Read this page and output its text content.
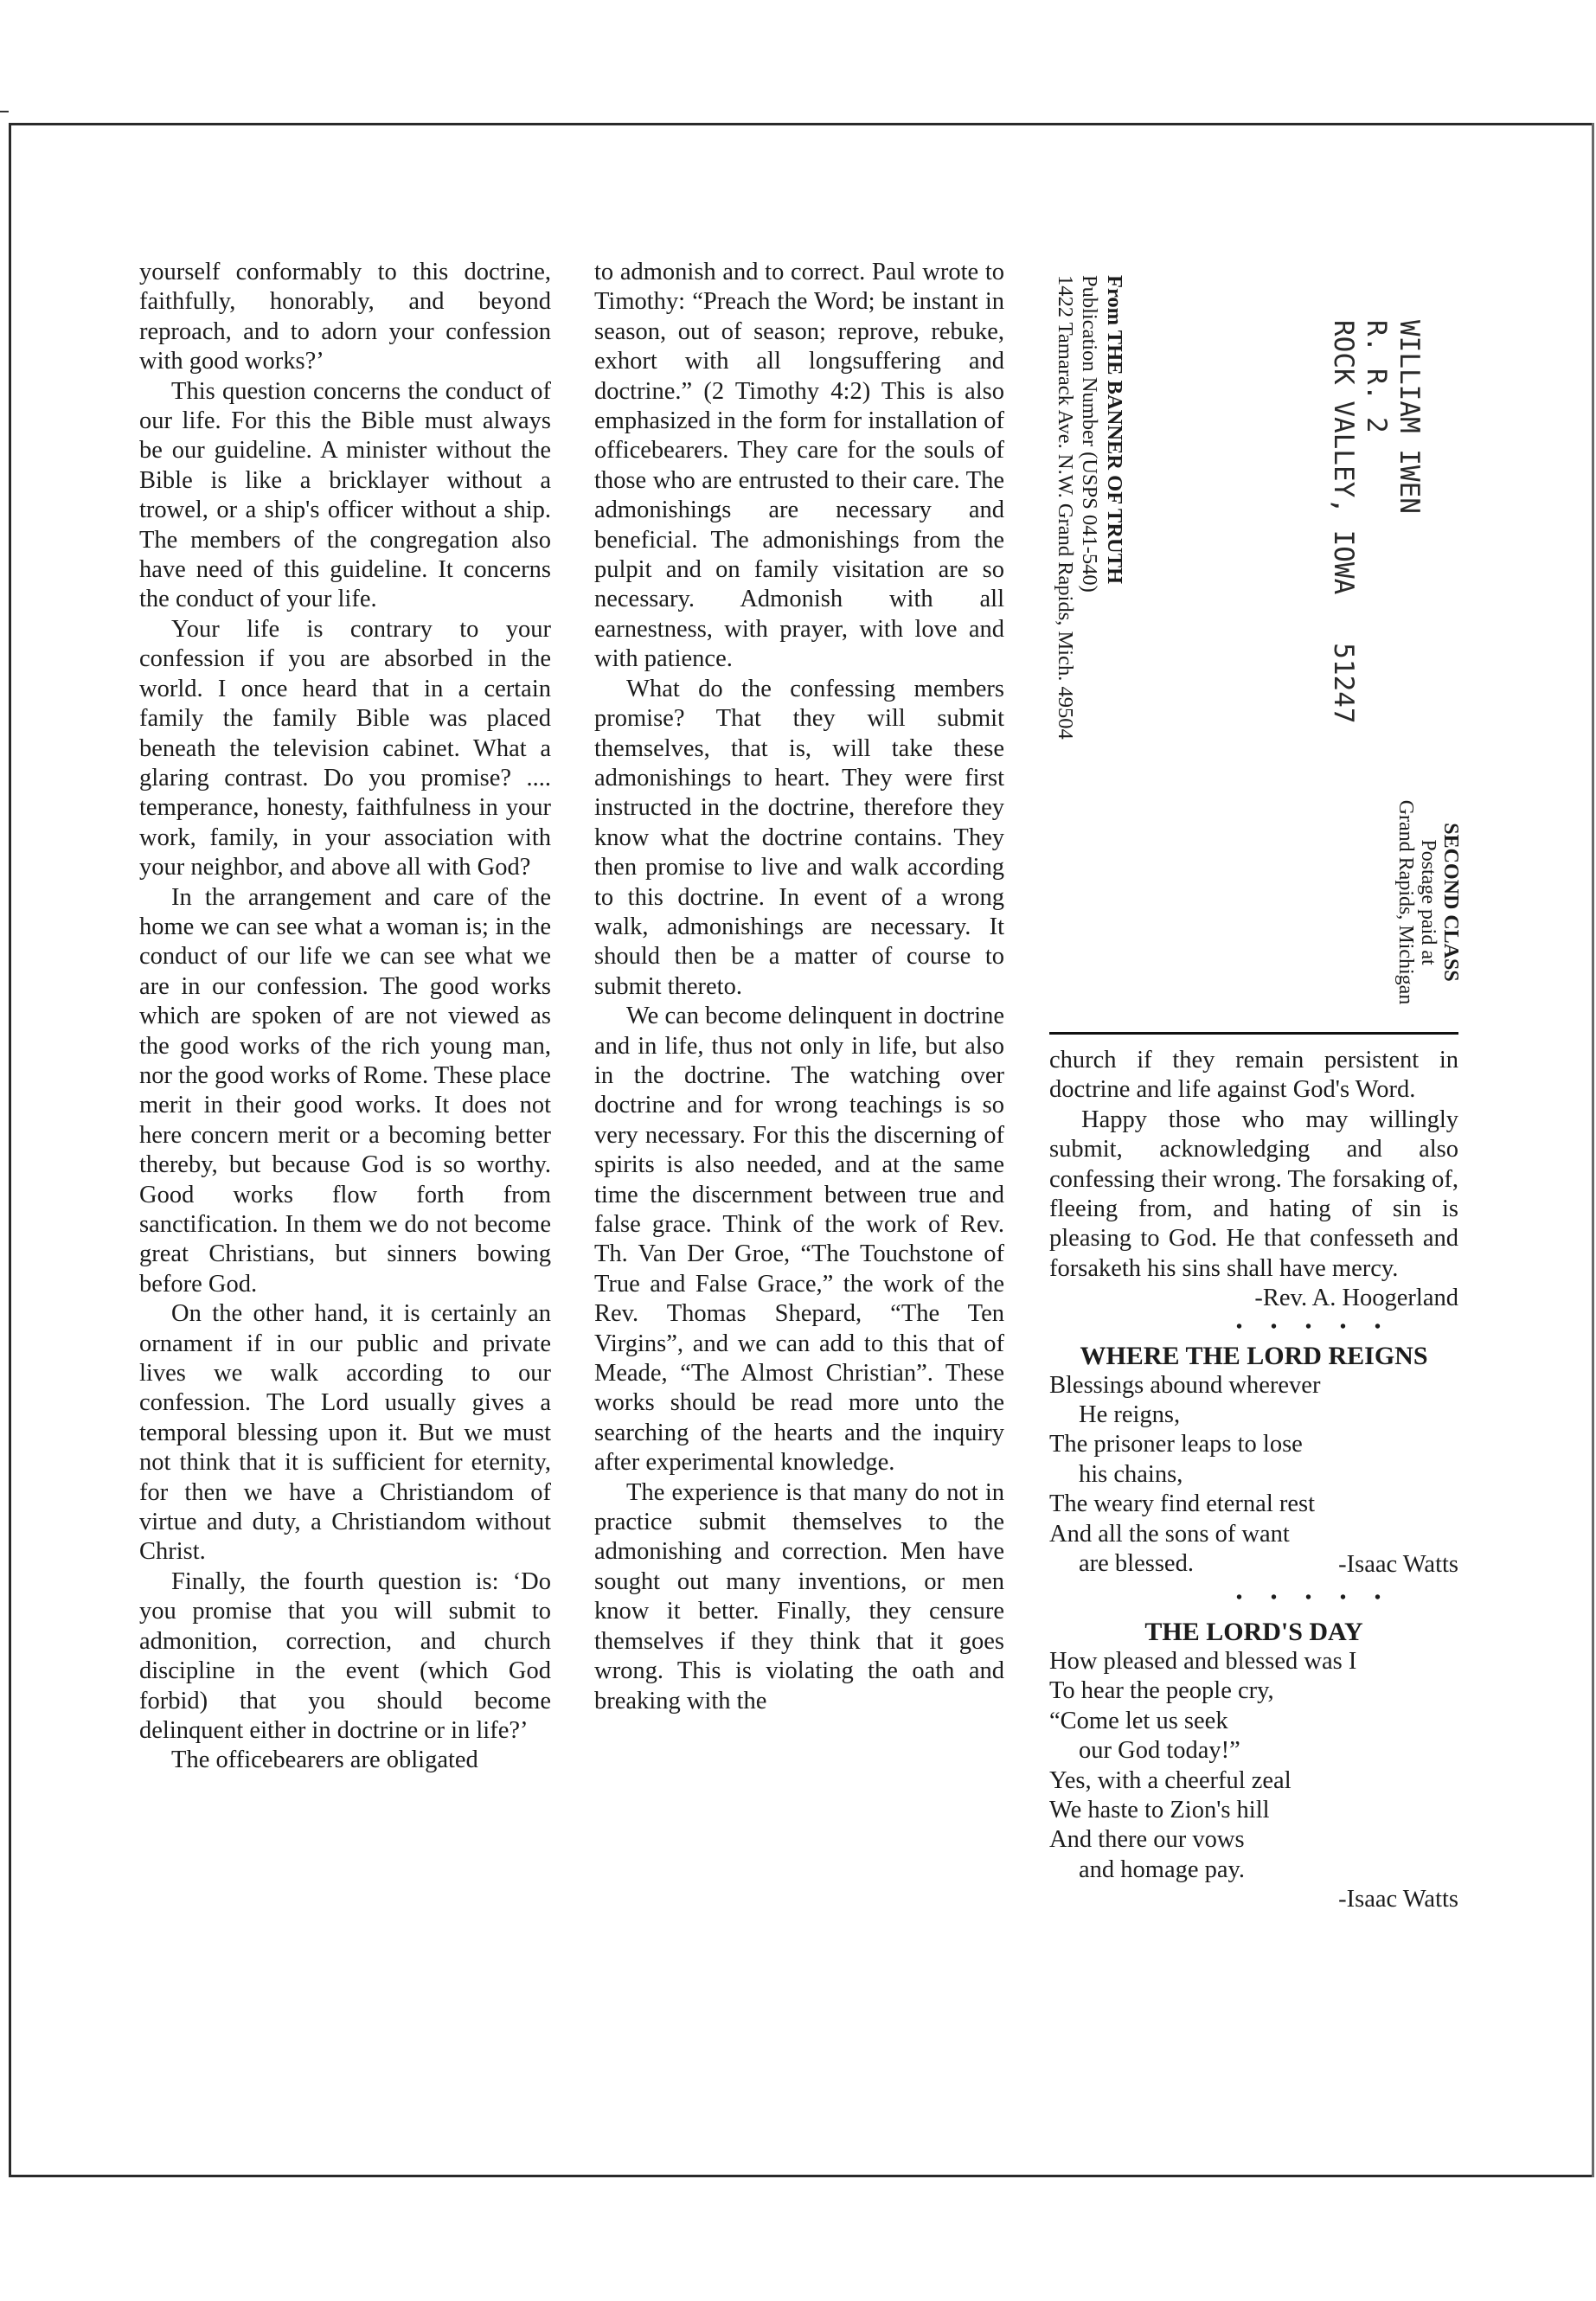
yourself conformably to this doctrine, faithfully, honorably, and beyond reproach, and to adorn your confession with good works?’

This question concerns the conduct of our life. For this the Bible must always be our guideline. A minister without the Bible is like a bricklayer without a trowel, or a ship's officer without a ship. The members of the congregation also have need of this guideline. It concerns the conduct of your life.

Your life is contrary to your confession if you are absorbed in the world. I once heard that in a certain family the family Bible was placed beneath the television cabinet. What a glaring contrast. Do you promise? .... temperance, honesty, faithfulness in your work, family, in your association with your neighbor, and above all with God?

In the arrangement and care of the home we can see what a woman is; in the conduct of our life we can see what we are in our confession. The good works which are spoken of are not viewed as the good works of the rich young man, nor the good works of Rome. These place merit in their good works. It does not here concern merit or a becoming better thereby, but because God is so worthy. Good works flow forth from sanctification. In them we do not become great Christians, but sinners bowing before God.

On the other hand, it is certainly an ornament if in our public and private lives we walk according to our confession. The Lord usually gives a temporal blessing upon it. But we must not think that it is sufficient for eternity, for then we have a Christiandom of virtue and duty, a Christiandom without Christ.

Finally, the fourth question is: ‘Do you promise that you will submit to admonition, correction, and church discipline in the event (which God forbid) that you should become delinquent either in doctrine or in life?’

The officebearers are obligated

to admonish and to correct. Paul wrote to Timothy: “Preach the Word; be instant in season, out of season; reprove, rebuke, exhort with all longsuffering and doctrine.” (2 Timothy 4:2) This is also emphasized in the form for installation of officebearers. They care for the souls of those who are entrusted to their care. The admonishings are necessary and beneficial. The admonishings from the pulpit and on family visitation are so necessary. Admonish with all earnestness, with prayer, with love and with patience.

What do the confessing members promise? That they will submit themselves, that is, will take these admonishings to heart. They were first instructed in the doctrine, therefore they know what the doctrine contains. They then promise to live and walk according to this doctrine. In event of a wrong walk, admonishings are necessary. It should then be a matter of course to submit thereto.

We can become delinquent in doctrine and in life, thus not only in life, but also in the doctrine. The watching over doctrine and for wrong teachings is so very necessary. For this the discerning of spirits is also needed, and at the same time the discernment between true and false grace. Think of the work of Rev. Th. Van Der Groe, “The Touchstone of True and False Grace,” the work of the Rev. Thomas Shepard, “The Ten Virgins”, and we can add to this that of Meade, “The Almost Christian”. These works should be read more unto the searching of the hearts and the inquiry after experimental knowledge.

The experience is that many do not in practice submit themselves to the admonishing and correction. Men have sought out many inventions, or men know it better. Finally, they censure themselves if they think that it goes wrong. This is violating the oath and breaking with the

WILLIAM IWEN
R. R. 2
ROCK VALLEY, IOWA   51247
From THE BANNER OF TRUTH
Publication Number (USPS 041-540)
1422 Tamarack Ave. N.W. Grand Rapids, Mich. 49504
SECOND CLASS
Postage paid at
Grand Rapids, Michigan

church if they remain persistent in doctrine and life against God's Word.

Happy those who may willingly submit, acknowledging and also confessing their wrong. The forsaking of, fleeing from, and hating of sin is pleasing to God. He that confesseth and forsaketh his sins shall have mercy.

-Rev. A. Hoogerland
• • • • •
WHERE THE LORD REIGNS
Blessings abound wherever
He reigns,
The prisoner leaps to lose
his chains,
The weary find eternal rest
And all the sons of want
are blessed.	-Isaac Watts
• • • • •
THE LORD'S DAY
How pleased and blessed was I
To hear the people cry,
“Come let us seek
our God today!”
Yes, with a cheerful zeal
We haste to Zion's hill
And there our vows
and homage pay.
-Isaac Watts
